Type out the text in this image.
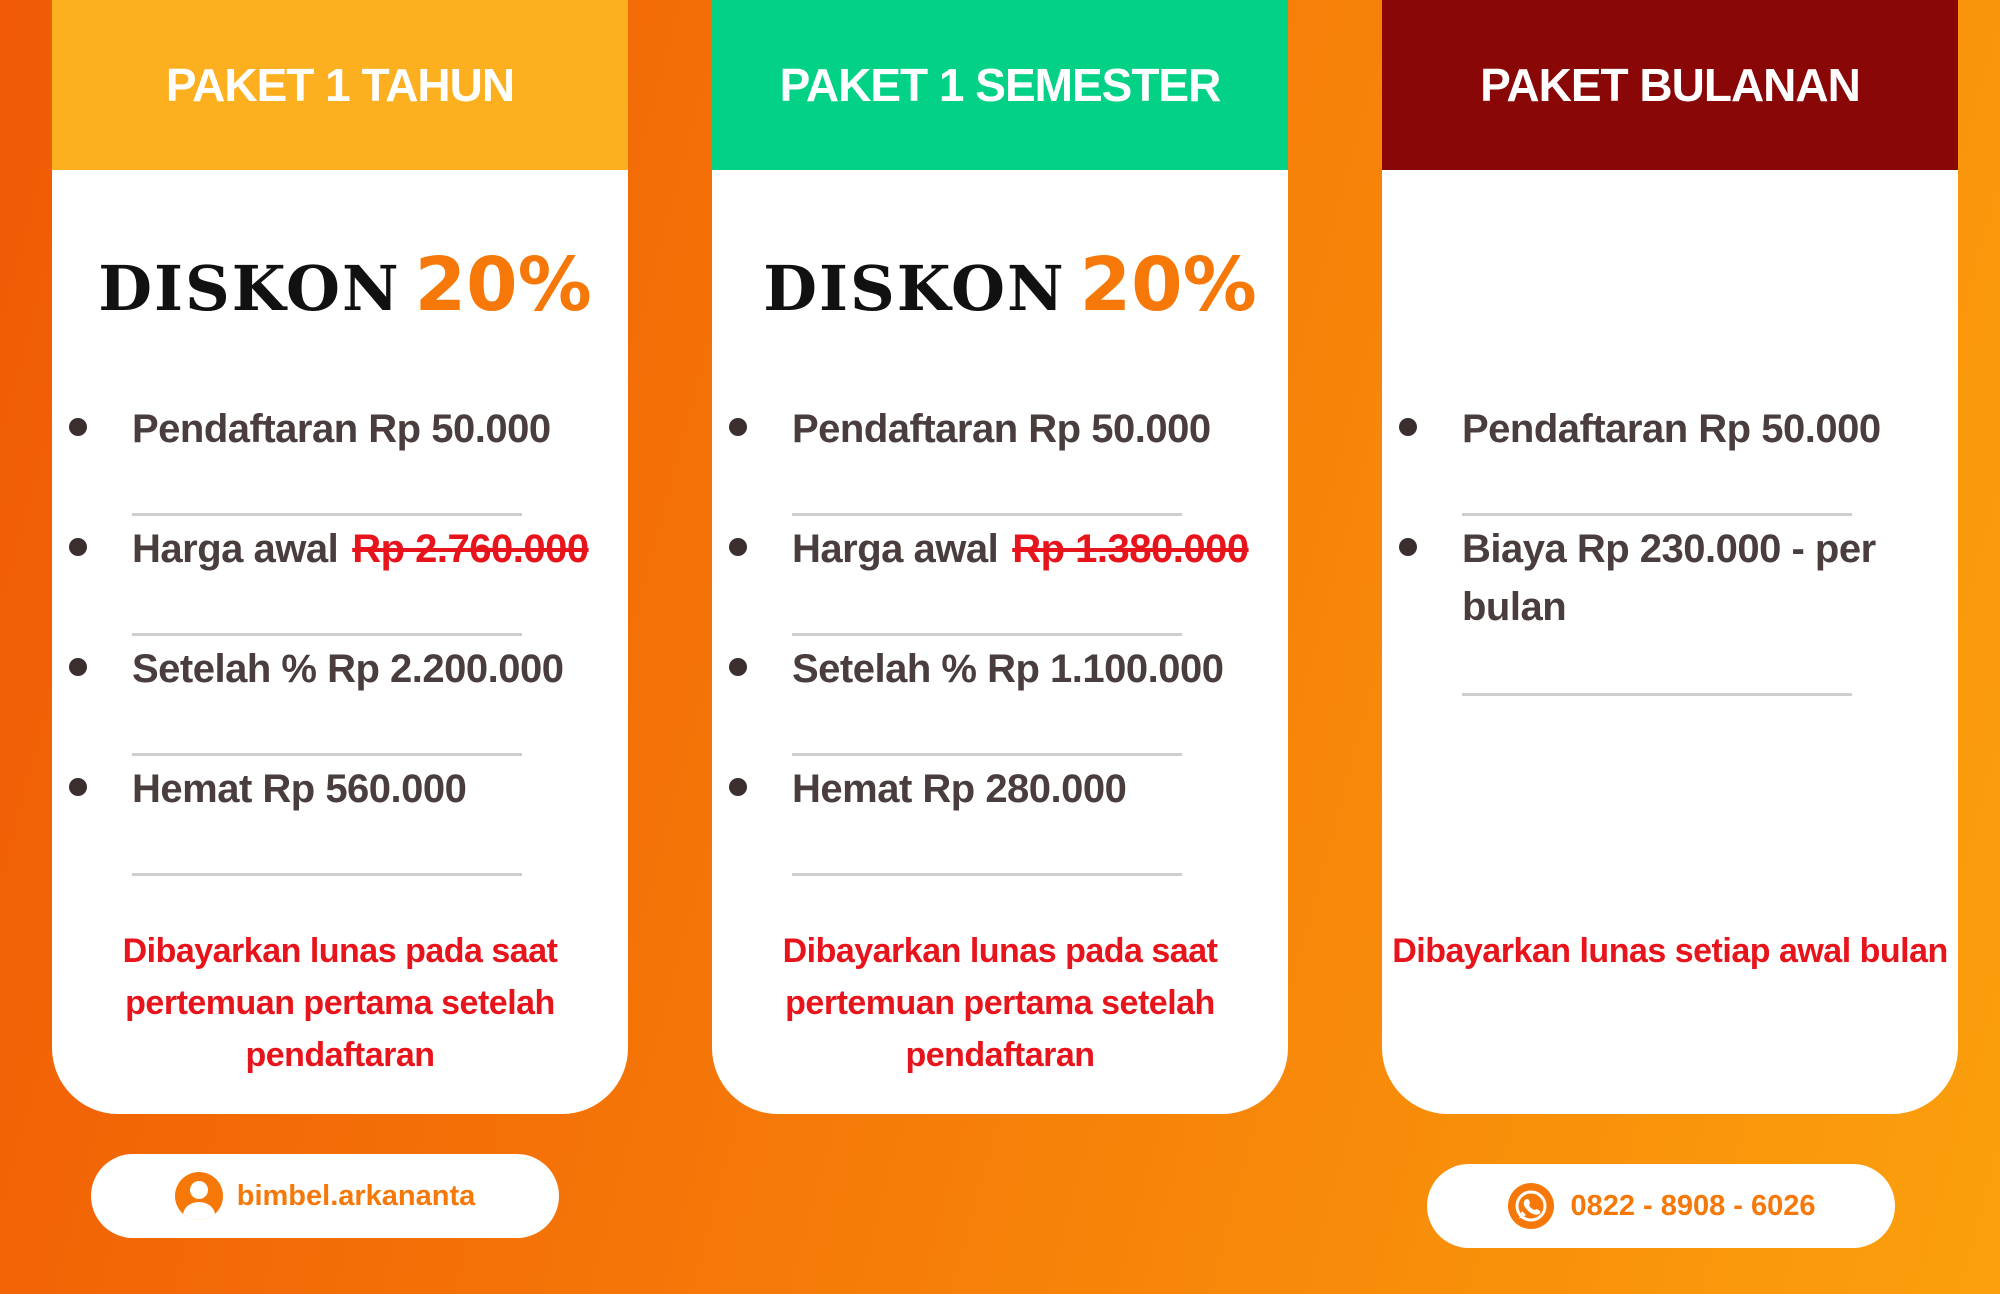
PAKET 1 TAHUN
DISKON 20%
Pendaftaran Rp 50.000
Harga awal Rp 2.760.000
Setelah % Rp 2.200.000
Hemat Rp 560.000
Dibayarkan lunas pada saat
pertemuan pertama setelah
pendaftaran
PAKET 1 SEMESTER
DISKON 20%
Pendaftaran Rp 50.000
Harga awal Rp 1.380.000
Setelah % Rp 1.100.000
Hemat Rp 280.000
Dibayarkan lunas pada saat
pertemuan pertama setelah
pendaftaran
PAKET BULANAN
Pendaftaran Rp 50.000
Biaya Rp 230.000 - per bulan
Dibayarkan lunas setiap awal bulan
bimbel.arkananta	0822 - 8908 - 6026
